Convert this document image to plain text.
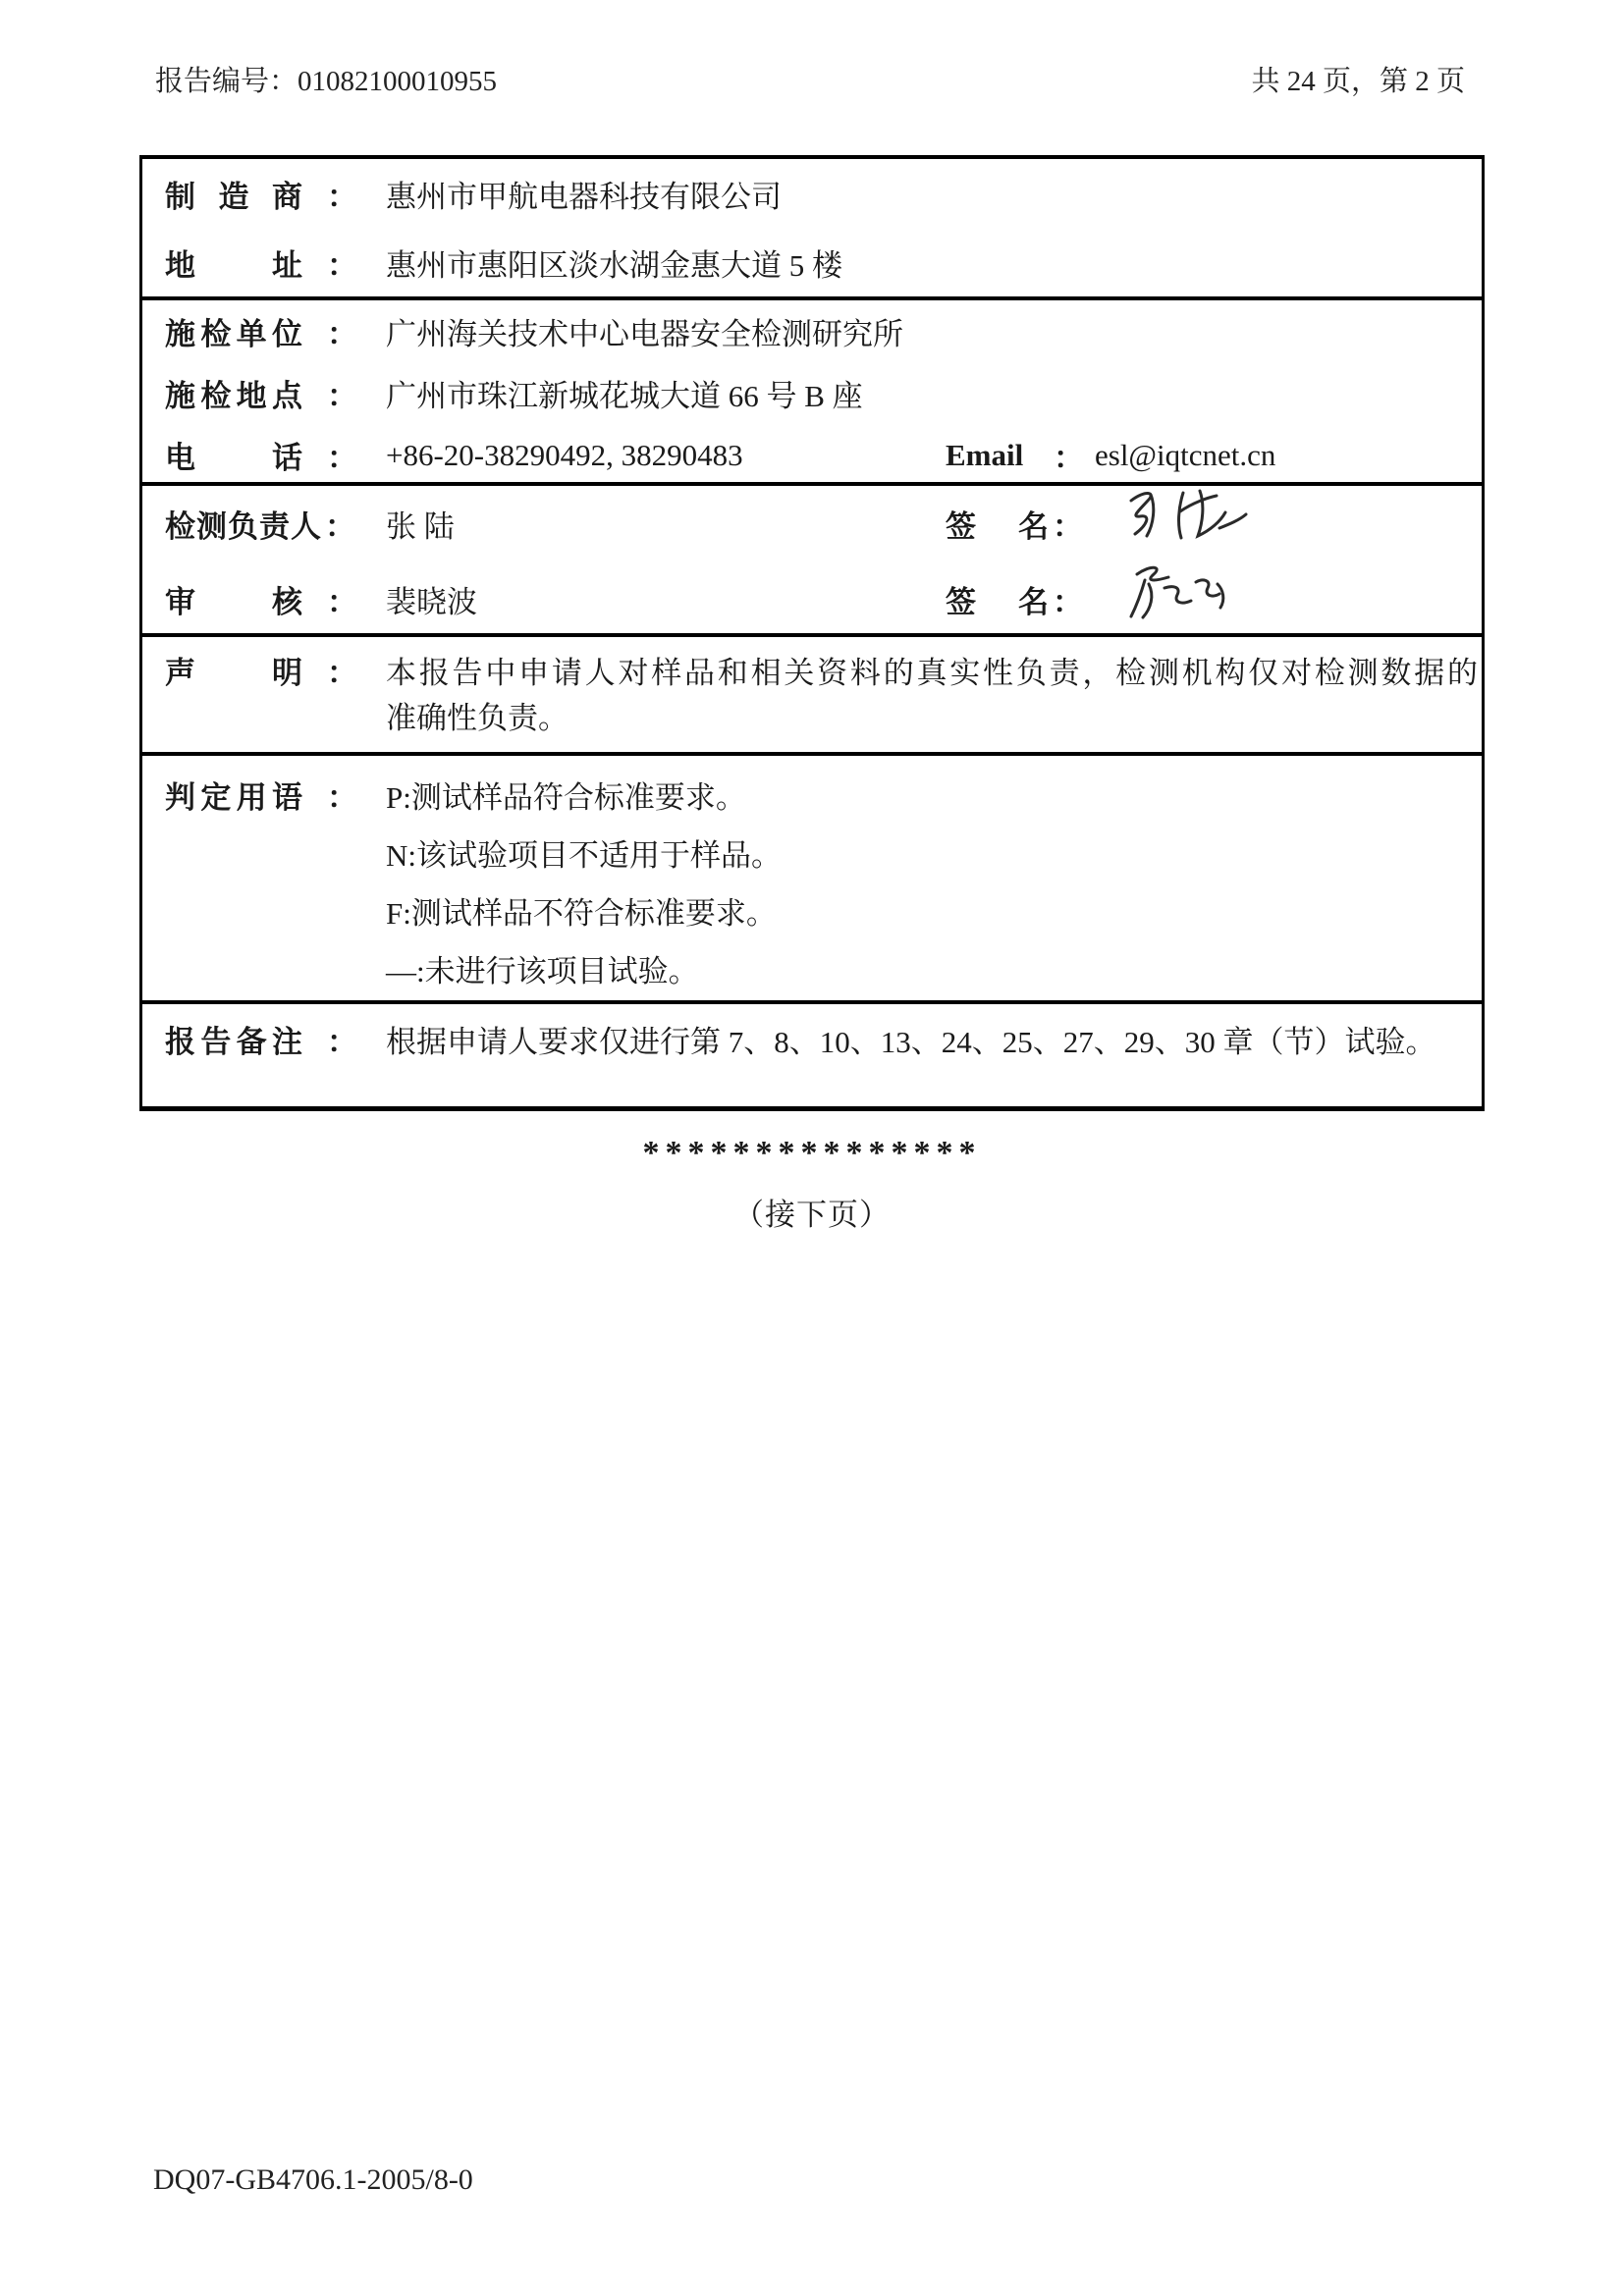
报告编号：01082100010955	共 24 页，第 2 页
制造商 ： 惠州市甲航电器科技有限公司
地址 ： 惠州市惠阳区淡水湖金惠大道 5 楼
施检单位 ： 广州海关技术中心电器安全检测研究所
施检地点 ： 广州市珠江新城花城大道 66 号 B 座
电话 ： +86-20-38290492, 38290483	Email ： esl@iqtcnet.cn
检测负责人 ：	张 陆	签名 ：
审核 ： 裴晓波	签名 ：
声明 ： 本报告中申请人对样品和相关资料的真实性负责，检测机构仅对检测数据的
准确性负责。
判定用语 ： P:测试样品符合标准要求。
N:该试验项目不适用于样品。
F:测试样品不符合标准要求。
—:未进行该项目试验。
报告备注 ： 根据申请人要求仅进行第 7、8、10、13、24、25、27、29、30 章（节）试验。
***************
（接下页）
DQ07-GB4706.1-2005/8-0
